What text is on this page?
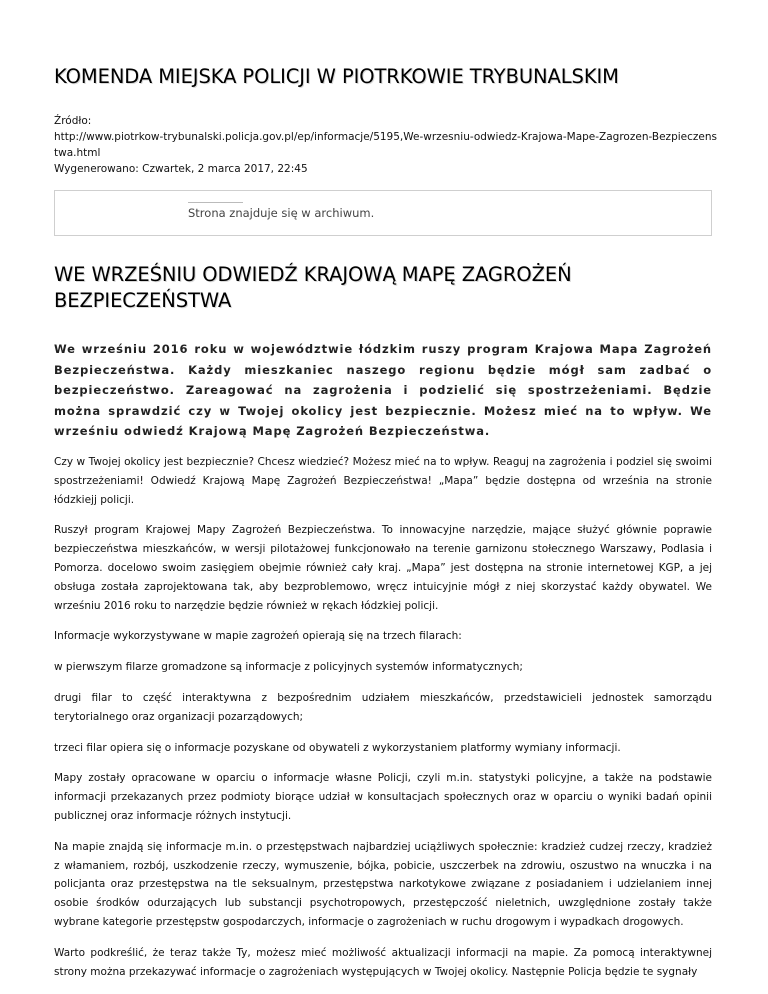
KOMENDA MIEJSKA POLICJI W PIOTRKOWIE TRYBUNALSKIM
Źródło:
http://www.piotrkow-trybunalski.policja.gov.pl/ep/informacje/5195,We-wrzesniu-odwiedz-Krajowa-Mape-Zagrozen-Bezpieczenstwa.html
Wygenerowano: Czwartek, 2 marca 2017, 22:45
Strona znajduje się w archiwum.
WE WRZEŚNIU ODWIEDŹ KRAJOWĄ MAPĘ ZAGROŻEŃ BEZPIECZEŃSTWA

We wrześniu 2016 roku w województwie łódzkim ruszy program Krajowa Mapa Zagrożeń Bezpieczeństwa. Każdy mieszkaniec naszego regionu będzie mógł sam zadbać o bezpieczeństwo. Zareagować na zagrożenia i podzielić się spostrzeżeniami. Będzie można sprawdzić czy w Twojej okolicy jest bezpiecznie. Możesz mieć na to wpływ. We wrześniu odwiedź Krajową Mapę Zagrożeń Bezpieczeństwa.

Czy w Twojej okolicy jest bezpiecznie? Chcesz wiedzieć? Możesz mieć na to wpływ. Reaguj na zagrożenia i podziel się swoimi spostrzeżeniami! Odwiedź Krajową Mapę Zagrożeń Bezpieczeństwa! „Mapa” będzie dostępna od września na stronie łódzkiejj policji.

Ruszył program Krajowej Mapy Zagrożeń Bezpieczeństwa. To innowacyjne narzędzie, mające służyć głównie poprawie bezpieczeństwa mieszkańców, w wersji pilotażowej funkcjonowało na terenie garnizonu stołecznego Warszawy, Podlasia i Pomorza. docelowo swoim zasięgiem obejmie również cały kraj. „Mapa” jest dostępna na stronie internetowej KGP, a jej obsługa została zaprojektowana tak, aby bezproblemowo, wręcz intuicyjnie mógł z niej skorzystać każdy obywatel. We wrześniu 2016 roku to narzędzie będzie również w rękach łódzkiej policji.

Informacje wykorzystywane w mapie zagrożeń opierają się na trzech filarach:

w pierwszym filarze gromadzone są informacje z policyjnych systemów informatycznych;

drugi filar to część interaktywna z bezpośrednim udziałem mieszkańców, przedstawicieli jednostek samorządu terytorialnego oraz organizacji pozarządowych;

trzeci filar opiera się o informacje pozyskane od obywateli z wykorzystaniem platformy wymiany informacji.

Mapy zostały opracowane w oparciu o informacje własne Policji, czyli m.in. statystyki policyjne, a także na podstawie informacji przekazanych przez podmioty biorące udział w konsultacjach społecznych oraz w oparciu o wyniki badań opinii publicznej oraz informacje różnych instytucji.

Na mapie znajdą się informacje m.in. o przestępstwach najbardziej uciążliwych społecznie: kradzież cudzej rzeczy, kradzież z włamaniem, rozbój, uszkodzenie rzeczy, wymuszenie, bójka, pobicie, uszczerbek na zdrowiu, oszustwo na wnuczka i na policjanta oraz przestępstwa na tle seksualnym, przestępstwa narkotykowe związane z posiadaniem i udzielaniem innej osobie środków odurzających lub substancji psychotropowych, przestępczość nieletnich, uwzględnione zostały także wybrane kategorie przestępstw gospodarczych, informacje o zagrożeniach w ruchu drogowym i wypadkach drogowych.

Warto podkreślić, że teraz także Ty, możesz mieć możliwość aktualizacji informacji na mapie. Za pomocą interaktywnej strony można przekazywać informacje o zagrożeniach występujących w Twojej okolicy. Następnie Policja będzie te sygnały
